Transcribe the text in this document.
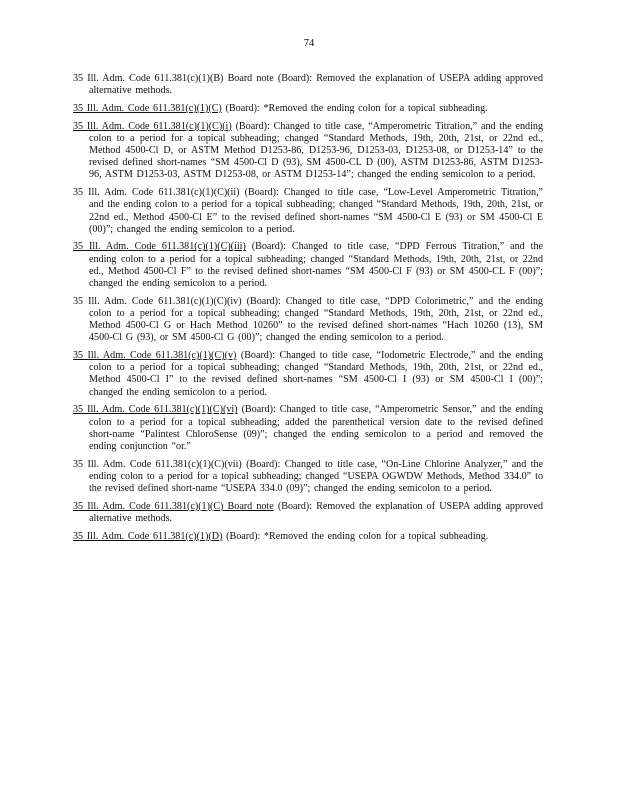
74

35 Ill. Adm. Code 611.381(c)(1)(B) Board note (Board): Removed the explanation of USEPA adding approved alternative methods.

35 Ill. Adm. Code 611.381(c)(1)(C) (Board): *Removed the ending colon for a topical subheading.

35 Ill. Adm. Code 611.381(c)(1)(C)(i) (Board): Changed to title case, “Amperometric Titration,” and the ending colon to a period for a topical subheading; changed “Standard Methods, 19th, 20th, 21st, or 22nd ed., Method 4500-Cl D, or ASTM Method D1253-86, D1253-96, D1253-03, D1253-08, or D1253-14” to the revised defined short-names “SM 4500-Cl D (93), SM 4500-CL D (00), ASTM D1253-86, ASTM D1253-96, ASTM D1253-03, ASTM D1253-08, or ASTM D1253-14”; changed the ending semicolon to a period.

35 Ill. Adm. Code 611.381(c)(1)(C)(ii) (Board): Changed to title case, “Low-Level Amperometric Titration,” and the ending colon to a period for a topical subheading; changed “Standard Methods, 19th, 20th, 21st, or 22nd ed., Method 4500-Cl E” to the revised defined short-names “SM 4500-Cl E (93) or SM 4500-Cl E (00)”; changed the ending semicolon to a period.

35 Ill. Adm. Code 611.381(c)(1)(C)(iii) (Board): Changed to title case, “DPD Ferrous Titration,” and the ending colon to a period for a topical subheading; changed “Standard Methods, 19th, 20th, 21st, or 22nd ed., Method 4500-Cl F” to the revised defined short-names “SM 4500-Cl F (93) or SM 4500-CL F (00)”; changed the ending semicolon to a period.

35 Ill. Adm. Code 611.381(c)(1)(C)(iv) (Board): Changed to title case, “DPD Colorimetric,” and the ending colon to a period for a topical subheading; changed “Standard Methods, 19th, 20th, 21st, or 22nd ed., Method 4500-Cl G or Hach Method 10260” to the revised defined short-names “Hach 10260 (13), SM 4500-Cl G (93), or SM 4500-Cl G (00)”; changed the ending semicolon to a period.

35 Ill. Adm. Code 611.381(c)(1)(C)(v) (Board): Changed to title case, “Iodometric Electrode,” and the ending colon to a period for a topical subheading; changed “Standard Methods, 19th, 20th, 21st, or 22nd ed., Method 4500-Cl I” to the revised defined short-names “SM 4500-Cl I (93) or SM 4500-Cl I (00)”; changed the ending semicolon to a period.

35 Ill. Adm. Code 611.381(c)(1)(C)(vi) (Board): Changed to title case, “Amperometric Sensor,” and the ending colon to a period for a topical subheading; added the parenthetical version date to the revised defined short-name “Palintest ChloroSense (09)”; changed the ending semicolon to a period and removed the ending conjunction “or.”

35 Ill. Adm. Code 611.381(c)(1)(C)(vii) (Board): Changed to title case, “On-Line Chlorine Analyzer,” and the ending colon to a period for a topical subheading; changed “USEPA OGWDW Methods, Method 334.0” to the revised defined short-name “USEPA 334.0 (09)”; changed the ending semicolon to a period.

35 Ill. Adm. Code 611.381(c)(1)(C) Board note (Board): Removed the explanation of USEPA adding approved alternative methods.

35 Ill. Adm. Code 611.381(c)(1)(D) (Board): *Removed the ending colon for a topical subheading.
